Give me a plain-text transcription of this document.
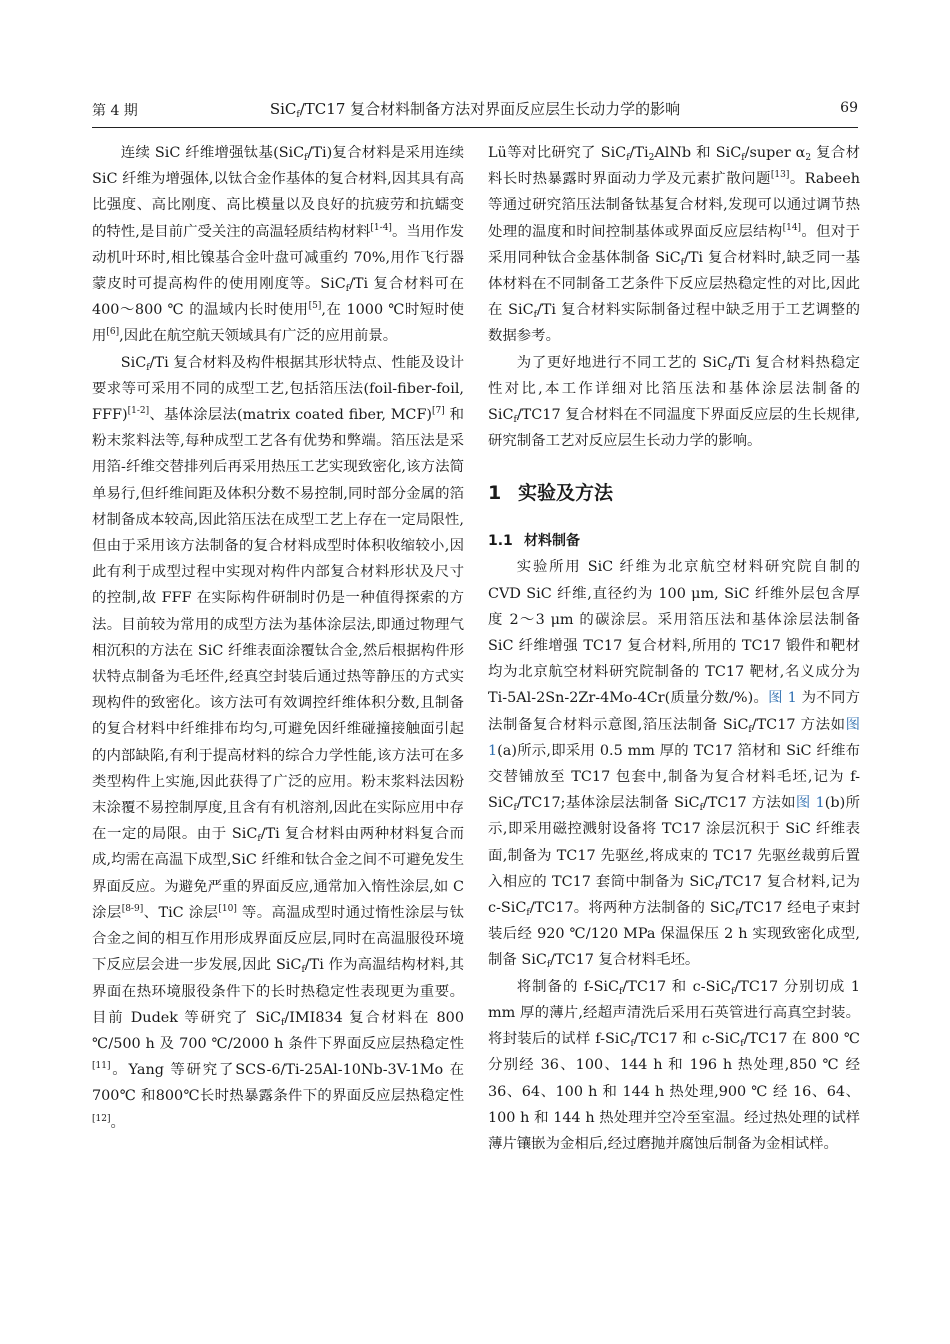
第 4 期	SiC$_f$/TC17 复合材料制备方法对界面反应层生长动力学的影响	69

连续 SiC 纤维增强钛基(SiC$_f$/Ti)复合材料是采用连续 SiC 纤维为增强体,以钛合金作基体的复合材料,因其具有高比强度、高比刚度、高比模量以及良好的抗疲劳和抗蠕变的特性,是目前广受关注的高温轻质结构材料[1-4]。当用作发动机叶环时,相比镍基合金叶盘可减重约 70%,用作飞行器蒙皮时可提高构件的使用刚度等。SiC$_f$/Ti 复合材料可在 400～800 ℃ 的温域内长时使用[5],在 1000 ℃时短时使用[6],因此在航空航天领域具有广泛的应用前景。

SiC$_f$/Ti 复合材料及构件根据其形状特点、性能及设计要求等可采用不同的成型工艺,包括箔压法(foil-fiber-foil, FFF)[1-2]、基体涂层法(matrix coated fiber, MCF)[7] 和粉末浆料法等,每种成型工艺各有优势和弊端。箔压法是采用箔-纤维交替排列后再采用热压工艺实现致密化,该方法简单易行,但纤维间距及体积分数不易控制,同时部分金属的箔材制备成本较高,因此箔压法在成型工艺上存在一定局限性,但由于采用该方法制备的复合材料成型时体积收缩较小,因此有利于成型过程中实现对构件内部复合材料形状及尺寸的控制,故 FFF 在实际构件研制时仍是一种值得探索的方法。目前较为常用的成型方法为基体涂层法,即通过物理气相沉积的方法在 SiC 纤维表面涂覆钛合金,然后根据构件形状特点制备为毛坯件,经真空封装后通过热等静压的方式实现构件的致密化。该方法可有效调控纤维体积分数,且制备的复合材料中纤维排布均匀,可避免因纤维碰撞接触面引起的内部缺陷,有利于提高材料的综合力学性能,该方法可在多类型构件上实施,因此获得了广泛的应用。粉末浆料法因粉末涂覆不易控制厚度,且含有有机溶剂,因此在实际应用中存在一定的局限。由于 SiC$_f$/Ti 复合材料由两种材料复合而成,均需在高温下成型,SiC 纤维和钛合金之间不可避免发生界面反应。为避免严重的界面反应,通常加入惰性涂层,如 C 涂层[8-9]、TiC 涂层[10] 等。高温成型时通过惰性涂层与钛合金之间的相互作用形成界面反应层,同时在高温服役环境下反应层会进一步发展,因此 SiC$_f$/Ti 作为高温结构材料,其界面在热环境服役条件下的长时热稳定性表现更为重要。目前 Dudek 等研究了 SiC$_f$/IMI834 复合材料在 800 ℃/500 h 及 700 ℃/2000 h 条件下界面反应层热稳定性[11]。Yang 等研究了SCS-6/Ti-25Al-10Nb-3V-1Mo 在700℃ 和800℃长时热暴露条件下的界面反应层热稳定性[12]。

Lü等对比研究了 $SiC_f/Ti_2AlNb$ 和 SiC$_f$/super $\alpha_2$ 复合材料长时热暴露时界面动力学及元素扩散问题[13]。Rabeeh 等通过研究箔压法制备钛基复合材料,发现可以通过调节热处理的温度和时间控制基体或界面反应层结构[14]。但对于采用同种钛合金基体制备 SiC$_f$/Ti 复合材料时,缺乏同一基体材料在不同制备工艺条件下反应层热稳定性的对比,因此在 SiC$_f$/Ti 复合材料实际制备过程中缺乏用于工艺调整的数据参考。

为了更好地进行不同工艺的 SiC$_f$/Ti 复合材料热稳定性对比,本工作详细对比箔压法和基体涂层法制备的 SiC$_f$/TC17 复合材料在不同温度下界面反应层的生长规律,研究制备工艺对反应层生长动力学的影响。

1 实验及方法
1.1 材料制备

实验所用 SiC 纤维为北京航空材料研究院自制的 CVD SiC 纤维,直径约为 100 μm, SiC 纤维外层包含厚度 2～3 μm 的碳涂层。采用箔压法和基体涂层法制备 SiC 纤维增强 TC17 复合材料,所用的 TC17 锻件和靶材均为北京航空材料研究院制备的 TC17 靶材,名义成分为 Ti-5Al-2Sn-2Zr-4Mo-4Cr(质量分数/%)。图 1 为不同方法制备复合材料示意图,箔压法制备 SiC$_f$/TC17 方法如图 1(a)所示,即采用 0.5 mm 厚的 TC17 箔材和 SiC 纤维布交替铺放至 TC17 包套中,制备为复合材料毛坯,记为 f-SiC$_f$/TC17;基体涂层法制备 SiC$_f$/TC17 方法如图 1(b)所示,即采用磁控溅射设备将 TC17 涂层沉积于 SiC 纤维表面,制备为 TC17 先驱丝,将成束的 TC17 先驱丝裁剪后置入相应的 TC17 套筒中制备为 SiC$_f$/TC17 复合材料,记为 c-SiC$_f$/TC17。将两种方法制备的 SiC$_f$/TC17 经电子束封装后经 920 ℃/120 MPa 保温保压 2 h 实现致密化成型,制备 SiC$_f$/TC17 复合材料毛坯。

将制备的 f-SiC$_f$/TC17 和 c-SiC$_f$/TC17 分别切成 1 mm 厚的薄片,经超声清洗后采用石英管进行高真空封装。将封装后的试样 f-SiC$_f$/TC17 和 c-SiC$_f$/TC17 在 800 ℃ 分别经 36、100、144 h 和 196 h 热处理,850 ℃ 经 36、64、100 h 和 144 h 热处理,900 ℃ 经 16、64、100 h 和 144 h 热处理并空冷至室温。经过热处理的试样薄片镶嵌为金相后,经过磨抛并腐蚀后制备为金相试样。
